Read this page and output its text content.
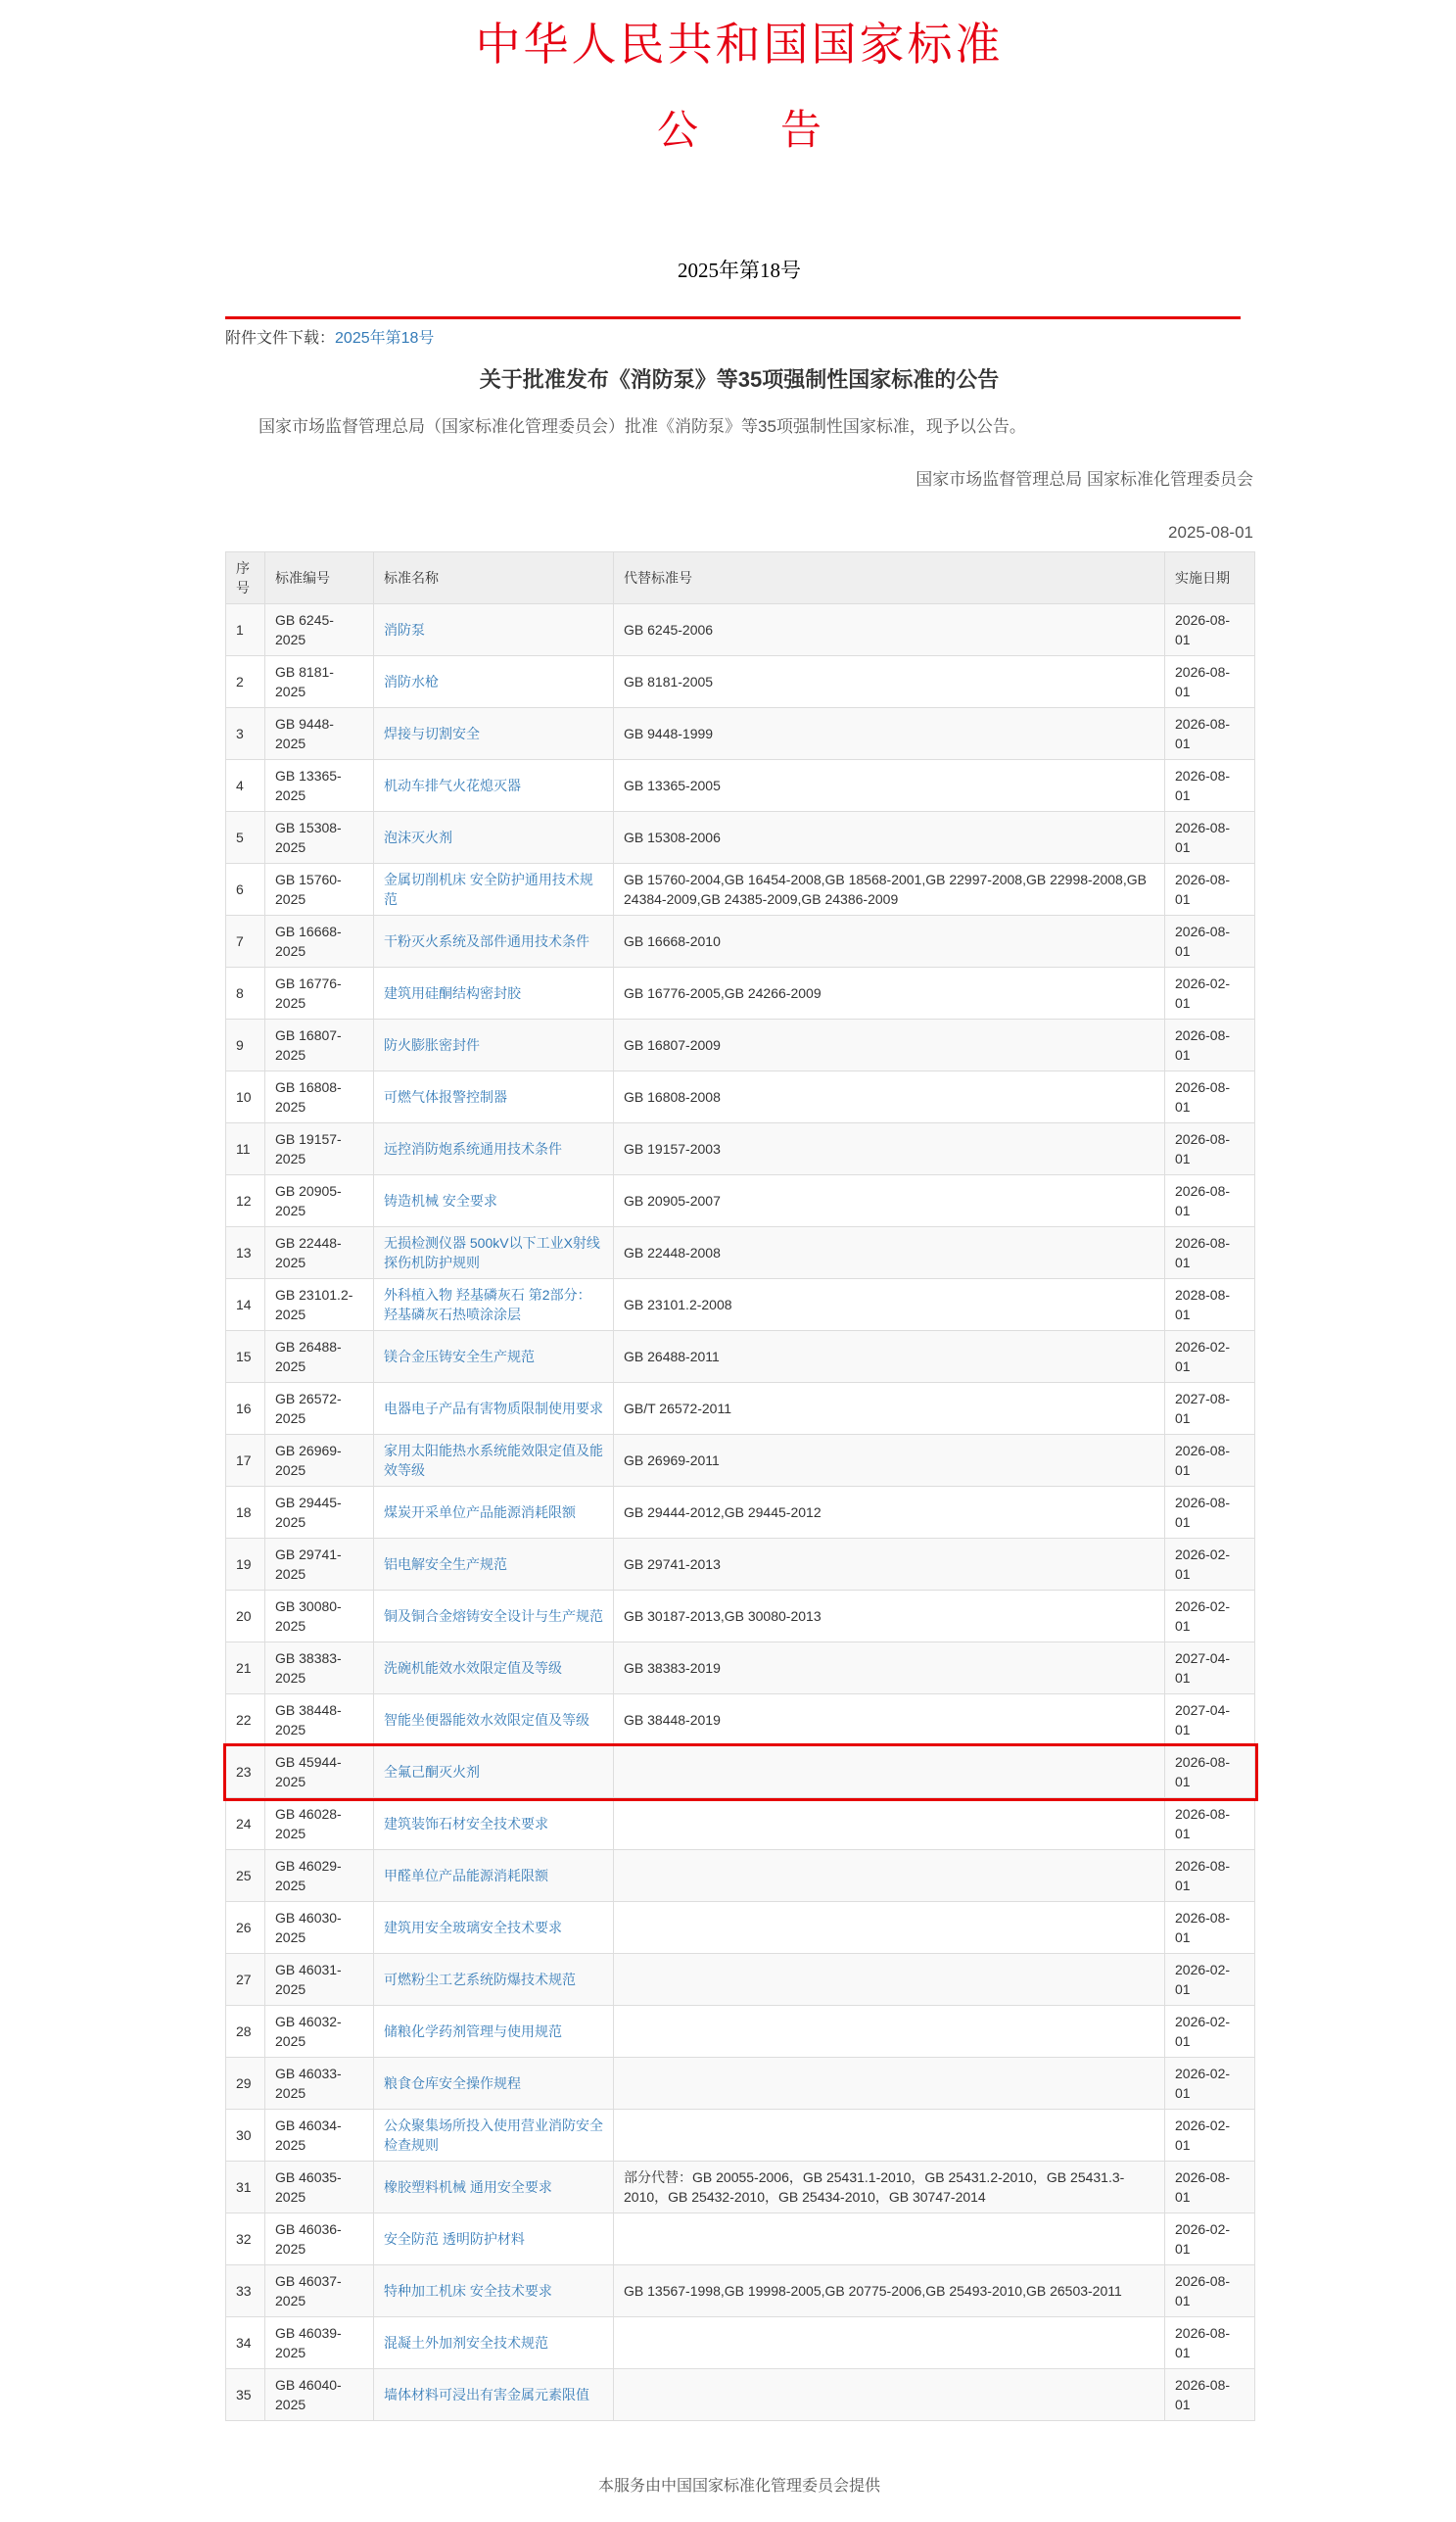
中华人民共和国国家标准
公　　告
2025年第18号
附件文件下载：2025年第18号
关于批准发布《消防泵》等35项强制性国家标准的公告

国家市场监督管理总局（国家标准化管理委员会）批准《消防泵》等35项强制性国家标准，现予以公告。

国家市场监督管理总局 国家标准化管理委员会
2025-08-01
序号	标准编号	标准名称	代替标准号	实施日期
1	GB 6245-2025	消防泵	GB 6245-2006	2026-08-01
2	GB 8181-2025	消防水枪	GB 8181-2005	2026-08-01
3	GB 9448-2025	焊接与切割安全	GB 9448-1999	2026-08-01
4	GB 13365-2025	机动车排气火花熄灭器	GB 13365-2005	2026-08-01
5	GB 15308-2025	泡沫灭火剂	GB 15308-2006	2026-08-01
6	GB 15760-2025	金属切削机床 安全防护通用技术规范	GB 15760-2004,GB 16454-2008,GB 18568-2001,GB 22997-2008,GB 22998-2008,GB 24384-2009,GB 24385-2009,GB 24386-2009	2026-08-01
7	GB 16668-2025	干粉灭火系统及部件通用技术条件	GB 16668-2010	2026-08-01
8	GB 16776-2025	建筑用硅酮结构密封胶	GB 16776-2005,GB 24266-2009	2026-02-01
9	GB 16807-2025	防火膨胀密封件	GB 16807-2009	2026-08-01
10	GB 16808-2025	可燃气体报警控制器	GB 16808-2008	2026-08-01
11	GB 19157-2025	远控消防炮系统通用技术条件	GB 19157-2003	2026-08-01
12	GB 20905-2025	铸造机械 安全要求	GB 20905-2007	2026-08-01
13	GB 22448-2025	无损检测仪器 500kV以下工业X射线探伤机防护规则	GB 22448-2008	2026-08-01
14	GB 23101.2-2025	外科植入物 羟基磷灰石 第2部分：羟基磷灰石热喷涂涂层	GB 23101.2-2008	2028-08-01
15	GB 26488-2025	镁合金压铸安全生产规范	GB 26488-2011	2026-02-01
16	GB 26572-2025	电器电子产品有害物质限制使用要求	GB/T 26572-2011	2027-08-01
17	GB 26969-2025	家用太阳能热水系统能效限定值及能效等级	GB 26969-2011	2026-08-01
18	GB 29445-2025	煤炭开采单位产品能源消耗限额	GB 29444-2012,GB 29445-2012	2026-08-01
19	GB 29741-2025	铝电解安全生产规范	GB 29741-2013	2026-02-01
20	GB 30080-2025	铜及铜合金熔铸安全设计与生产规范	GB 30187-2013,GB 30080-2013	2026-02-01
21	GB 38383-2025	洗碗机能效水效限定值及等级	GB 38383-2019	2027-04-01
22	GB 38448-2025	智能坐便器能效水效限定值及等级	GB 38448-2019	2027-04-01
23	GB 45944-2025	全氟己酮灭火剂		2026-08-01
24	GB 46028-2025	建筑装饰石材安全技术要求		2026-08-01
25	GB 46029-2025	甲醛单位产品能源消耗限额		2026-08-01
26	GB 46030-2025	建筑用安全玻璃安全技术要求		2026-08-01
27	GB 46031-2025	可燃粉尘工艺系统防爆技术规范		2026-02-01
28	GB 46032-2025	储粮化学药剂管理与使用规范		2026-02-01
29	GB 46033-2025	粮食仓库安全操作规程		2026-02-01
30	GB 46034-2025	公众聚集场所投入使用营业消防安全检查规则		2026-02-01
31	GB 46035-2025	橡胶塑料机械 通用安全要求	部分代替：GB 20055-2006，GB 25431.1-2010，GB 25431.2-2010，GB 25431.3-2010，GB 25432-2010，GB 25434-2010，GB 30747-2014	2026-08-01
32	GB 46036-2025	安全防范 透明防护材料		2026-02-01
33	GB 46037-2025	特种加工机床 安全技术要求	GB 13567-1998,GB 19998-2005,GB 20775-2006,GB 25493-2010,GB 26503-2011	2026-08-01
34	GB 46039-2025	混凝土外加剂安全技术规范		2026-08-01
35	GB 46040-2025	墙体材料可浸出有害金属元素限值		2026-08-01
本服务由中国国家标准化管理委员会提供
